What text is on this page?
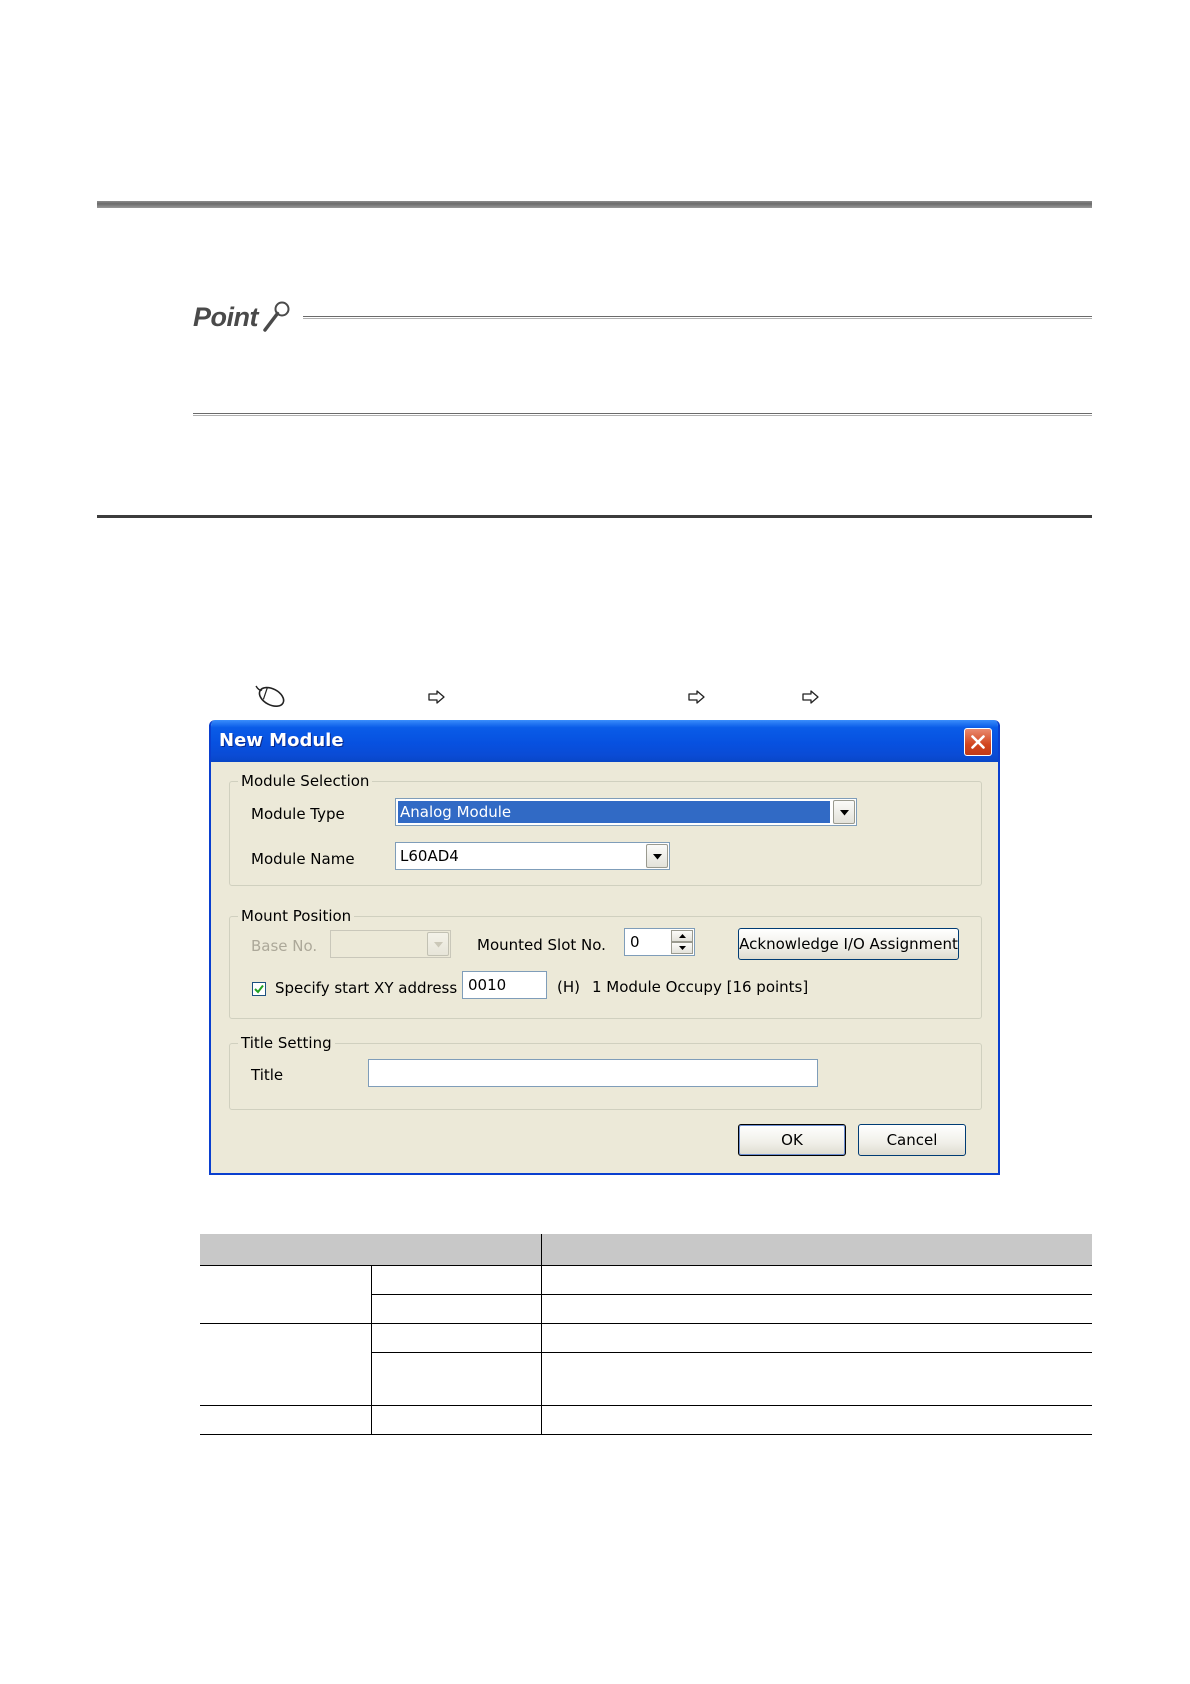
Point
New Module
Module Selection
Module Type	Analog Module
Module Name	L60AD4
Mount Position
Base No.	Mounted Slot No.	0	Acknowledge I/O Assignment
Specify start XY address 0010	(H) 1 Module Occupy [16 points]
Title Setting
Title
OK	Cancel
